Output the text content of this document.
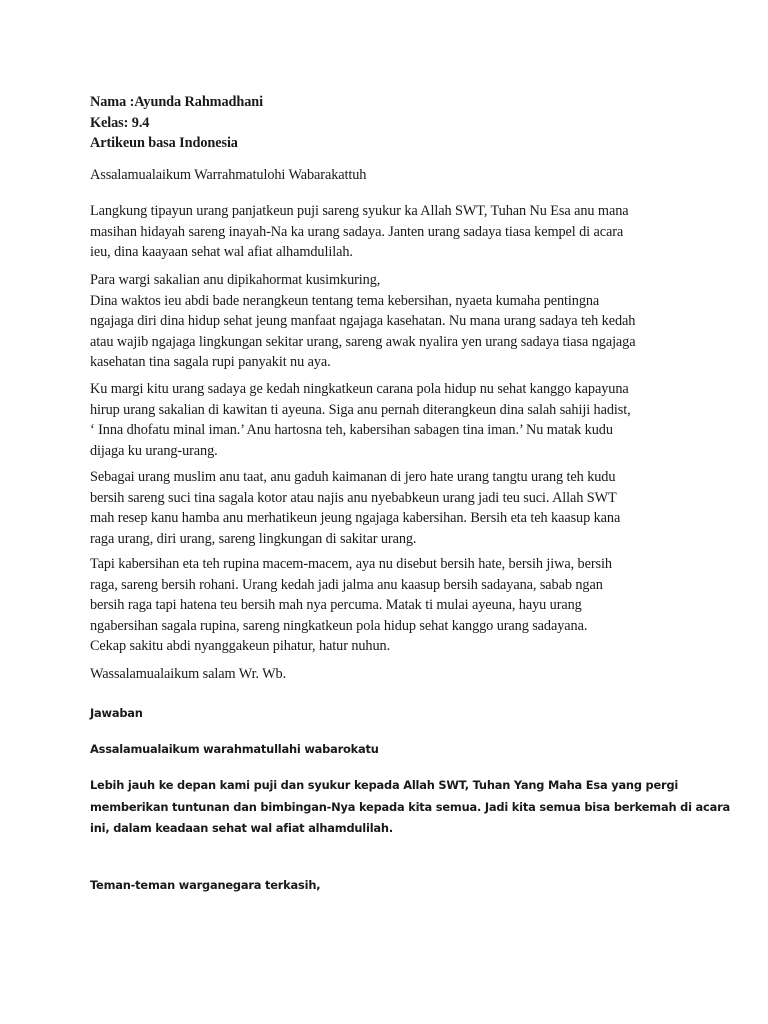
Nama :Ayunda Rahmadhani
Kelas: 9.4
Artikeun basa Indonesia
Assalamualaikum Warrahmatulohi Wabarakattuh
Langkung tipayun urang panjatkeun puji sareng syukur ka Allah SWT, Tuhan Nu Esa anu mana
masihan hidayah sareng inayah-Na ka urang sadaya. Janten urang sadaya tiasa kempel di acara
ieu, dina kaayaan sehat wal afiat alhamdulilah.
Para wargi sakalian anu dipikahormat kusimkuring,
Dina waktos ieu abdi bade nerangkeun tentang tema kebersihan, nyaeta kumaha pentingna
ngajaga diri dina hidup sehat jeung manfaat ngajaga kasehatan. Nu mana urang sadaya teh kedah
atau wajib ngajaga lingkungan sekitar urang, sareng awak nyalira yen urang sadaya tiasa ngajaga
kasehatan tina sagala rupi panyakit nu aya.
Ku margi kitu urang sadaya ge kedah ningkatkeun carana pola hidup nu sehat kanggo kapayuna
hirup urang sakalian di kawitan ti ayeuna. Siga anu pernah diterangkeun dina salah sahiji hadist,
‘ Inna dhofatu minal iman.’ Anu hartosna teh, kabersihan sabagen tina iman.’ Nu matak kudu
dijaga ku urang-urang.
Sebagai urang muslim anu taat, anu gaduh kaimanan di jero hate urang tangtu urang teh kudu
bersih sareng suci tina sagala kotor atau najis anu nyebabkeun urang jadi teu suci. Allah SWT
mah resep kanu hamba anu merhatikeun jeung ngajaga kabersihan. Bersih eta teh kaasup kana
raga urang, diri urang, sareng lingkungan di sakitar urang.
Tapi kabersihan eta teh rupina macem-macem, aya nu disebut bersih hate, bersih jiwa, bersih
raga, sareng bersih rohani. Urang kedah jadi jalma anu kaasup bersih sadayana, sabab ngan
bersih raga tapi hatena teu bersih mah nya percuma. Matak ti mulai ayeuna, hayu urang
ngabersihan sagala rupina, sareng ningkatkeun pola hidup sehat kanggo urang sadayana.
Cekap sakitu abdi nyanggakeun pihatur, hatur nuhun.
Wassalamualaikum salam Wr. Wb.
Jawaban
Assalamualaikum warahmatullahi wabarokatu
Lebih jauh ke depan kami puji dan syukur kepada Allah SWT, Tuhan Yang Maha Esa yang pergi
memberikan tuntunan dan bimbingan-Nya kepada kita semua. Jadi kita semua bisa berkemah di acara
ini, dalam keadaan sehat wal afiat alhamdulilah.
Teman-teman warganegara terkasih,
